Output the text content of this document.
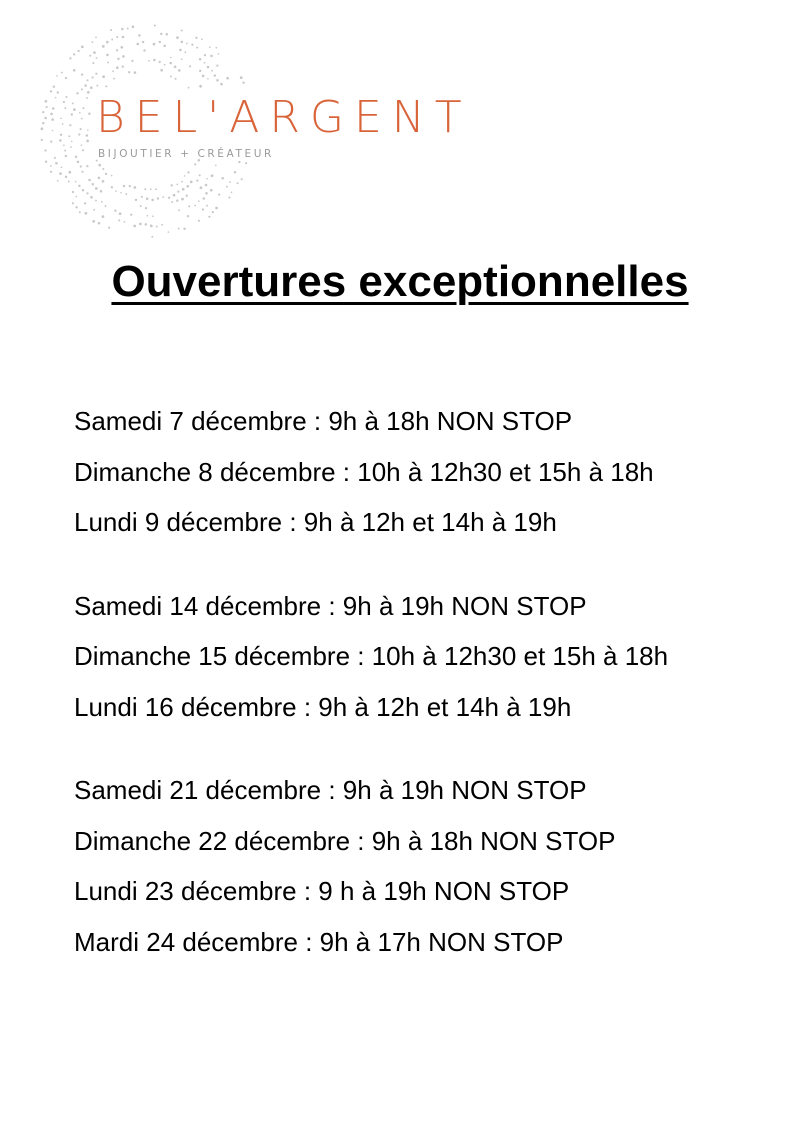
BEL'ARGENT
BIJOUTIER + CRÉATEUR
Ouvertures exceptionnelles
Samedi 7 décembre : 9h à 18h NON STOP
Dimanche 8 décembre : 10h à 12h30 et 15h à 18h
Lundi 9 décembre : 9h à 12h et 14h à 19h
Samedi 14 décembre : 9h à 19h NON STOP
Dimanche 15 décembre : 10h à 12h30 et 15h à 18h
Lundi 16 décembre : 9h à 12h et 14h à 19h
Samedi 21 décembre : 9h à 19h NON STOP
Dimanche 22 décembre : 9h à 18h NON STOP
Lundi 23 décembre : 9 h à 19h NON STOP
Mardi 24 décembre : 9h à 17h NON STOP
